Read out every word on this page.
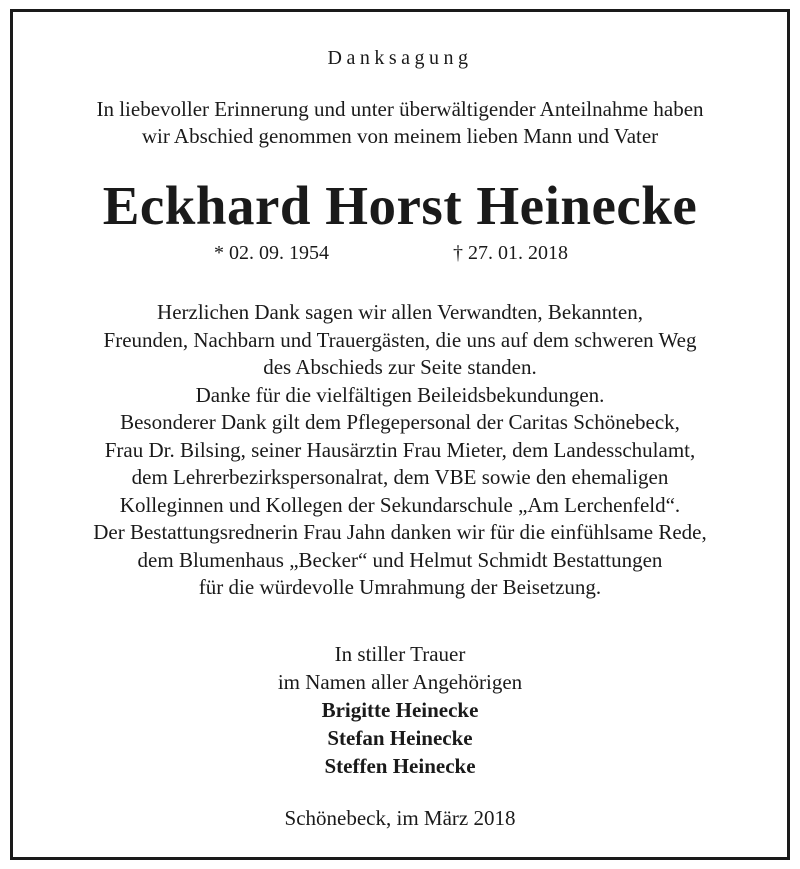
Danksagung
In liebevoller Erinnerung und unter überwältigender Anteilnahme haben
wir Abschied genommen von meinem lieben Mann und Vater
Eckhard Horst Heinecke
* 02. 09. 1954	† 27. 01. 2018
Herzlichen Dank sagen wir allen Verwandten, Bekannten,
Freunden, Nachbarn und Trauergästen, die uns auf dem schweren Weg
des Abschieds zur Seite standen.
Danke für die vielfältigen Beileidsbekundungen.
Besonderer Dank gilt dem Pflegepersonal der Caritas Schönebeck,
Frau Dr. Bilsing, seiner Hausärztin Frau Mieter, dem Landesschulamt,
dem Lehrerbezirkspersonalrat, dem VBE sowie den ehemaligen
Kolleginnen und Kollegen der Sekundarschule „Am Lerchenfeld“.
Der Bestattungsrednerin Frau Jahn danken wir für die einfühlsame Rede,
dem Blumenhaus „Becker“ und Helmut Schmidt Bestattungen
für die würdevolle Umrahmung der Beisetzung.
In stiller Trauer
im Namen aller Angehörigen
Brigitte Heinecke
Stefan Heinecke
Steffen Heinecke
Schönebeck, im März 2018
